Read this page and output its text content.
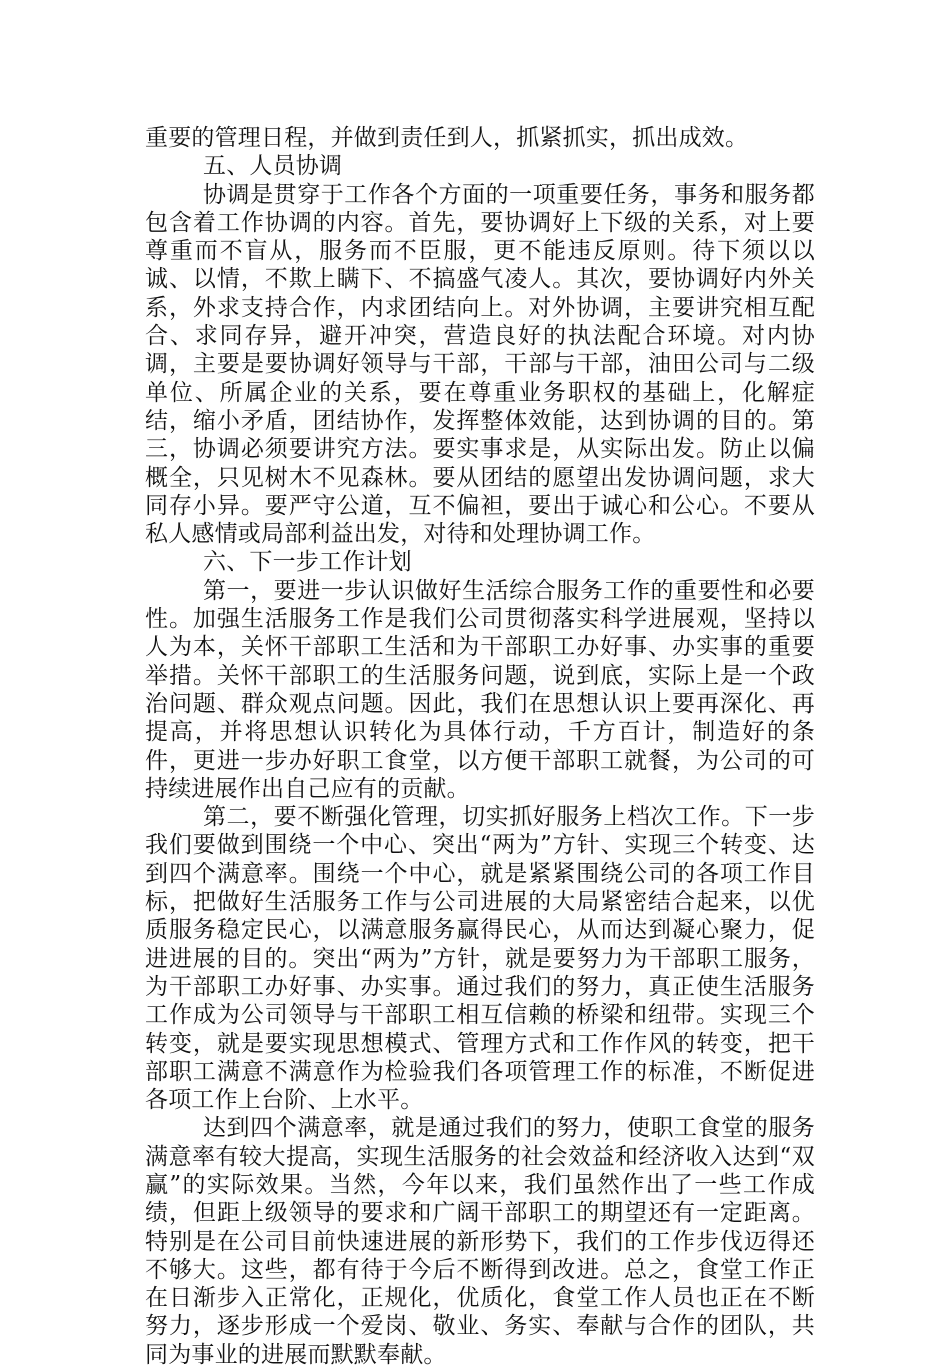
重要的管理日程，并做到责任到人，抓紧抓实，抓出成效。

五、人员协调

协调是贯穿于工作各个方面的一项重要任务，事务和服务都包含着工作协调的内容。首先，要协调好上下级的关系，对上要尊重而不盲从，服务而不臣服，更不能违反原则。待下须以以诚、以情，不欺上瞒下、不搞盛气凌人。其次，要协调好内外关系，外求支持合作，内求团结向上。对外协调，主要讲究相互配合、求同存异，避开冲突，营造良好的执法配合环境。对内协调，主要是要协调好领导与干部，干部与干部，油田公司与二级单位、所属企业的关系，要在尊重业务职权的基础上，化解症结，缩小矛盾，团结协作，发挥整体效能，达到协调的目的。第三，协调必须要讲究方法。要实事求是，从实际出发。防止以偏概全，只见树木不见森林。要从团结的愿望出发协调问题，求大同存小异。要严守公道，互不偏袒，要出于诚心和公心。不要从私人感情或局部利益出发，对待和处理协调工作。

六、下一步工作计划

第一，要进一步认识做好生活综合服务工作的重要性和必要性。加强生活服务工作是我们公司贯彻落实科学进展观，坚持以人为本，关怀干部职工生活和为干部职工办好事、办实事的重要举措。关怀干部职工的生活服务问题，说到底，实际上是一个政治问题、群众观点问题。因此，我们在思想认识上要再深化、再提高，并将思想认识转化为具体行动，千方百计，制造好的条件，更进一步办好职工食堂，以方便干部职工就餐，为公司的可持续进展作出自己应有的贡献。

第二，要不断强化管理，切实抓好服务上档次工作。下一步我们要做到围绕一个中心、突出“两为”方针、实现三个转变、达到四个满意率。围绕一个中心，就是紧紧围绕公司的各项工作目标，把做好生活服务工作与公司进展的大局紧密结合起来，以优质服务稳定民心，以满意服务赢得民心，从而达到凝心聚力，促进进展的目的。突出“两为”方针，就是要努力为干部职工服务，为干部职工办好事、办实事。通过我们的努力，真正使生活服务工作成为公司领导与干部职工相互信赖的桥梁和纽带。实现三个转变，就是要实现思想模式、管理方式和工作作风的转变，把干部职工满意不满意作为检验我们各项管理工作的标准，不断促进各项工作上台阶、上水平。

达到四个满意率，就是通过我们的努力，使职工食堂的服务满意率有较大提高，实现生活服务的社会效益和经济收入达到“双赢”的实际效果。当然，今年以来，我们虽然作出了一些工作成绩，但距上级领导的要求和广阔干部职工的期望还有一定距离。特别是在公司目前快速进展的新形势下，我们的工作步伐迈得还不够大。这些，都有待于今后不断得到改进。总之，食堂工作正在日渐步入正常化，正规化，优质化，食堂工作人员也正在不断努力，逐步形成一个爱岗、敬业、务实、奉献与合作的团队，共同为事业的进展而默默奉献。
